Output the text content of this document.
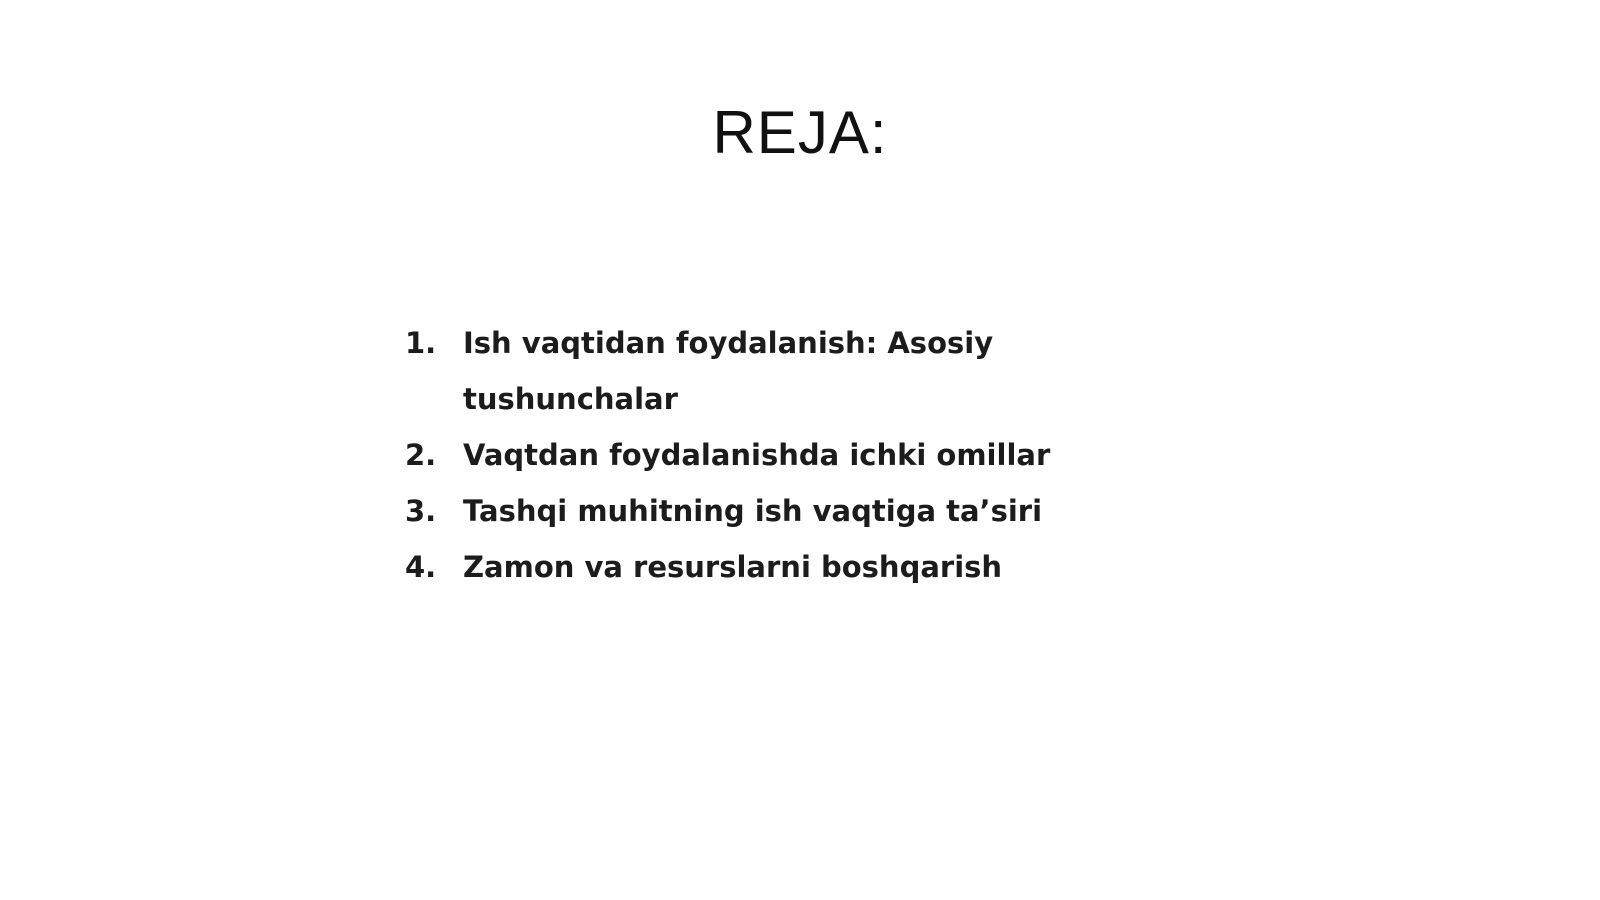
REJA:
1. Ish vaqtidan foydalanish: Asosiy tushunchalar
2. Vaqtdan foydalanishda ichki omillar
3. Tashqi muhitning ish vaqtiga ta’siri
4. Zamon va resurslarni boshqarish
